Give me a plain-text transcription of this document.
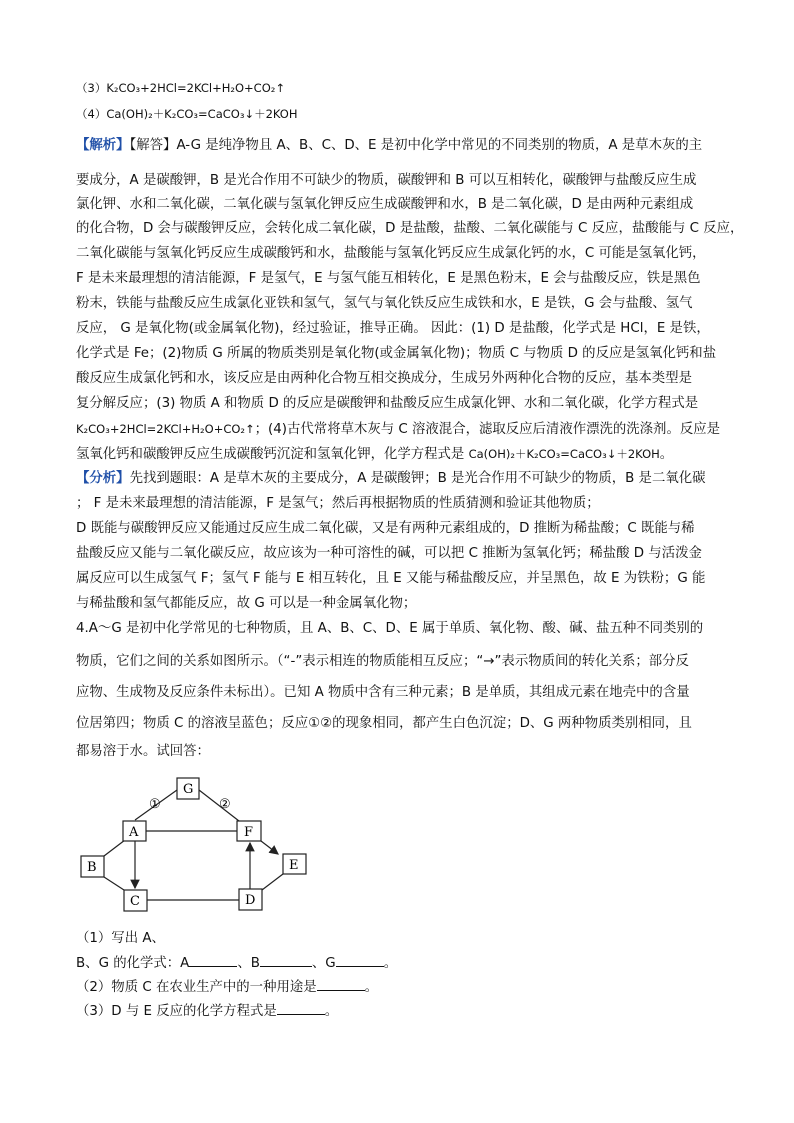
（3）K₂CO₃+2HCl=2KCl+H₂O+CO₂↑
（4）Ca(OH)₂＋K₂CO₃=CaCO₃↓＋2KOH
【解析】【解答】A-G 是纯净物且 A、B、C、D、E 是初中化学中常见的不同类别的物质，A 是草木灰的主
要成分，A 是碳酸钾，B 是光合作用不可缺少的物质，碳酸钾和 B 可以互相转化，碳酸钾与盐酸反应生成
氯化钾、水和二氧化碳，二氧化碳与氢氧化钾反应生成碳酸钾和水，B 是二氧化碳，D 是由两种元素组成
的化合物，D 会与碳酸钾反应，会转化成二氧化碳，D 是盐酸，盐酸、二氧化碳能与 C 反应，盐酸能与 C 反应，
二氧化碳能与氢氧化钙反应生成碳酸钙和水，盐酸能与氢氧化钙反应生成氯化钙的水，C 可能是氢氧化钙，
F 是未来最理想的清洁能源，F 是氢气，E 与氢气能互相转化，E 是黑色粉末，E 会与盐酸反应，铁是黑色
粉末，铁能与盐酸反应生成氯化亚铁和氢气，氢气与氧化铁反应生成铁和水，E 是铁，G 会与盐酸、氢气
反应， G 是氧化物(或金属氧化物)，经过验证，推导正确。 因此：(1) D 是盐酸，化学式是 HCl，E 是铁，
化学式是 Fe；(2)物质 G 所属的物质类别是氧化物(或金属氧化物)；物质 C 与物质 D 的反应是氢氧化钙和盐
酸反应生成氯化钙和水，该反应是由两种化合物互相交换成分，生成另外两种化合物的反应，基本类型是
复分解反应；(3) 物质 A 和物质 D 的反应是碳酸钾和盐酸反应生成氯化钾、水和二氧化碳，化学方程式是
K₂CO₃+2HCl=2KCl+H₂O+CO₂↑；(4)古代常将草木灰与 C 溶液混合，滤取反应后清液作漂洗的洗涤剂。反应是
氢氧化钙和碳酸钾反应生成碳酸钙沉淀和氢氧化钾，化学方程式是 Ca(OH)₂＋K₂CO₃=CaCO₃↓＋2KOH。
【分析】先找到题眼：A 是草木灰的主要成分，A 是碳酸钾；B 是光合作用不可缺少的物质，B 是二氧化碳
； F 是未来最理想的清洁能源，F 是氢气；然后再根据物质的性质猜测和验证其他物质；
D 既能与碳酸钾反应又能通过反应生成二氧化碳，又是有两种元素组成的，D 推断为稀盐酸；C 既能与稀
盐酸反应又能与二氧化碳反应，故应该为一种可溶性的碱，可以把 C 推断为氢氧化钙；稀盐酸 D 与活泼金
属反应可以生成氢气 F；氢气 F 能与 E 相互转化，且 E 又能与稀盐酸反应，并呈黑色，故 E 为铁粉；G 能
与稀盐酸和氢气都能反应，故 G 可以是一种金属氧化物；
4.A～G 是初中化学常见的七种物质，且 A、B、C、D、E 属于单质、氧化物、酸、碱、盐五种不同类别的
物质，它们之间的关系如图所示。（“-”表示相连的物质能相互反应；“→”表示物质间的转化关系；部分反
应物、生成物及反应条件未标出）。已知 A 物质中含有三种元素；B 是单质，其组成元素在地壳中的含量
位居第四；物质 C 的溶液呈蓝色；反应①②的现象相同，都产生白色沉淀；D、G 两种物质类别相同，且
都易溶于水。试回答：
①	②
G
A	F
B	E
C	D
（1）写出 A、
B、G 的化学式：A	、B	、G	。
（2）物质 C 在农业生产中的一种用途是	。
（3）D 与 E 反应的化学方程式是	。
